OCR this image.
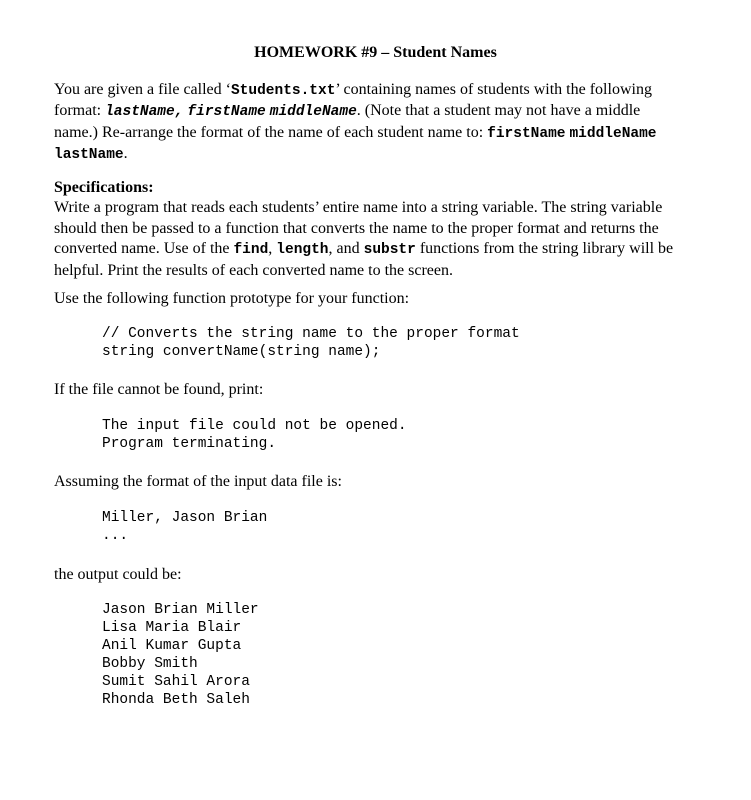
HOMEWORK #9 – Student Names

You are given a file called ‘Students.txt’ containing names of students with the following format: lastName, firstName middleName. (Note that a student may not have a middle name.) Re-arrange the format of the name of each student name to: firstName middleName lastName.

Specifications:
Write a program that reads each students’ entire name into a string variable. The string variable should then be passed to a function that converts the name to the proper format and returns the converted name. Use of the find, length, and substr functions from the string library will be helpful. Print the results of each converted name to the screen.

Use the following function prototype for your function:

// Converts the string name to the proper format
string convertName(string name);

If the file cannot be found, print:

The input file could not be opened.
Program terminating.

Assuming the format of the input data file is:

Miller, Jason Brian
...

the output could be:

Jason Brian Miller
Lisa Maria Blair
Anil Kumar Gupta
Bobby Smith
Sumit Sahil Arora
Rhonda Beth Saleh
